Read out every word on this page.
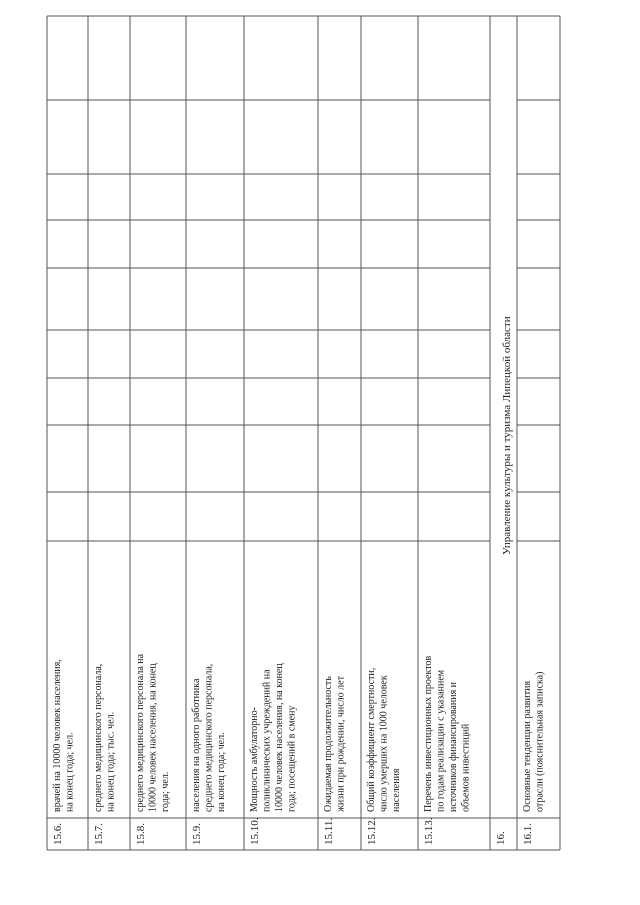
15.6.
врачей на 10000 человек населения, на конец года; чел.
15.7.
среднего медицинского персонала, на конец года; тыс. чел.
15.8.
среднего медицинского персонала на 10000 человек населения, на конец года; чел.
15.9.
населения на одного работника среднего медицинского персонала, на конец года; чел.
15.10.
Мощность амбулаторно- поликлинических учреждений на 10000 человек населения, на конец года; посещений в смену
15.11.
Ожидаемая продолжительность жизни при рождении, число лет
15.12.
Общий коэффициент смертности, число умерших на 1000 человек населения
15.13.
Перечень инвестиционных проектов по годам реализации с указанием источников финансирования и объемов инвестиций
16. 16.1.
Основные тенденции развития отрасли (пояснительная записка)
Управление культуры и туризма Липецкой области
